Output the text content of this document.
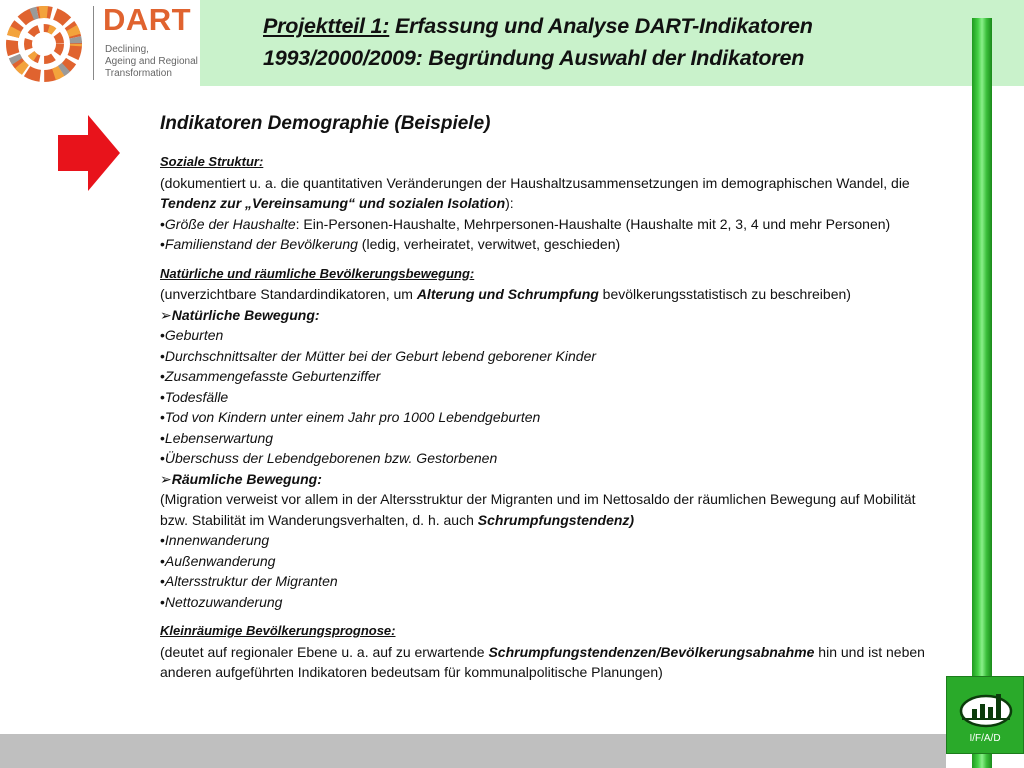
DART
Declining,
Ageing and Regional
Transformation
Projektteil 1: Erfassung und Analyse DART-Indikatoren
1993/2000/2009: Begründung Auswahl der Indikatoren
I/F/A/D
Indikatoren Demographie (Beispiele)
Soziale Struktur:
(dokumentiert u. a. die quantitativen Veränderungen der Haushaltzusammensetzungen im demographischen Wandel, die Tendenz zur „Vereinsamung“ und sozialen Isolation):
•Größe der Haushalte: Ein-Personen-Haushalte, Mehrpersonen-Haushalte (Haushalte mit 2, 3, 4 und mehr Personen)
•Familienstand der Bevölkerung (ledig, verheiratet, verwitwet, geschieden)
Natürliche und räumliche Bevölkerungsbewegung:
(unverzichtbare Standardindikatoren, um Alterung und Schrumpfung bevölkerungsstatistisch zu beschreiben)
➢Natürliche Bewegung:
•Geburten
•Durchschnittsalter der Mütter bei der Geburt lebend geborener Kinder
•Zusammengefasste Geburtenziffer
•Todesfälle
•Tod von Kindern unter einem Jahr pro 1000 Lebendgeburten
•Lebenserwartung
•Überschuss der Lebendgeborenen bzw. Gestorbenen
➢Räumliche Bewegung:
(Migration verweist vor allem in der Altersstruktur der Migranten und im Nettosaldo der räumlichen Bewegung auf Mobilität bzw. Stabilität im Wanderungsverhalten, d. h. auch Schrumpfungstendenz)
•Innenwanderung
•Außenwanderung
•Altersstruktur der Migranten
•Nettozuwanderung
Kleinräumige Bevölkerungsprognose:
(deutet auf regionaler Ebene u. a. auf zu erwartende Schrumpfungstendenzen/Bevölkerungsabnahme hin und ist neben anderen aufgeführten Indikatoren bedeutsam für kommunalpolitische Planungen)
